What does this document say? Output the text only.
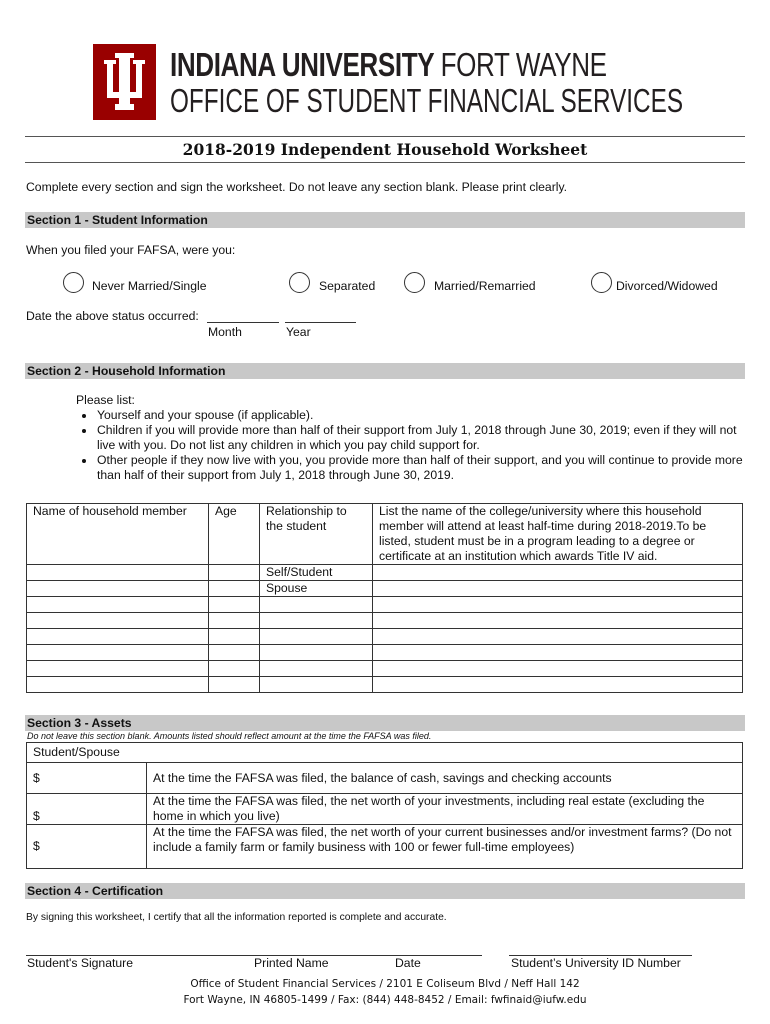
INDIANA UNIVERSITY FORT WAYNE
OFFICE OF STUDENT FINANCIAL SERVICES
2018-2019 Independent Household Worksheet
Complete every section and sign the worksheet. Do not leave any section blank. Please print clearly.
Section 1 - Student Information
When you filed your FAFSA, were you:
Never Married/Single	Separated	Married/Remarried	Divorced/Widowed
Date the above status occurred:
Month	Year
Section 2 - Household Information
Please list:
• Yourself and your spouse (if applicable).
• Children if you will provide more than half of their support from July 1, 2018 through June 30, 2019; even if they will not live with you. Do not list any children in which you pay child support for.
• Other people if they now live with you, you provide more than half of their support, and you will continue to provide more than half of their support from July 1, 2018 through June 30, 2019.
Name of household member	Age	Relationship to the student	List the name of the college/university where this household member will attend at least half-time during 2018-2019.To be listed, student must be in a program leading to a degree or certificate at an institution which awards Title IV aid.
		Self/Student	
		Spouse	

Section 3 - Assets
Do not leave this section blank. Amounts listed should reflect amount at the time the FAFSA was filed.
Student/Spouse	
$	At the time the FAFSA was filed, the balance of cash, savings and checking accounts
$	At the time the FAFSA was filed, the net worth of your investments, including real estate (excluding the home in which you live)
$	At the time the FAFSA was filed, the net worth of your current businesses and/or investment farms? (Do not include a family farm or family business with 100 or fewer full-time employees)
Section 4 - Certification
By signing this worksheet, I certify that all the information reported is complete and accurate.
Student's Signature	Printed Name	Date	Student’s University ID Number
Office of Student Financial Services / 2101 E Coliseum Blvd / Neff Hall 142
Fort Wayne, IN 46805-1499 / Fax: (844) 448-8452 / Email: fwfinaid@iufw.edu
